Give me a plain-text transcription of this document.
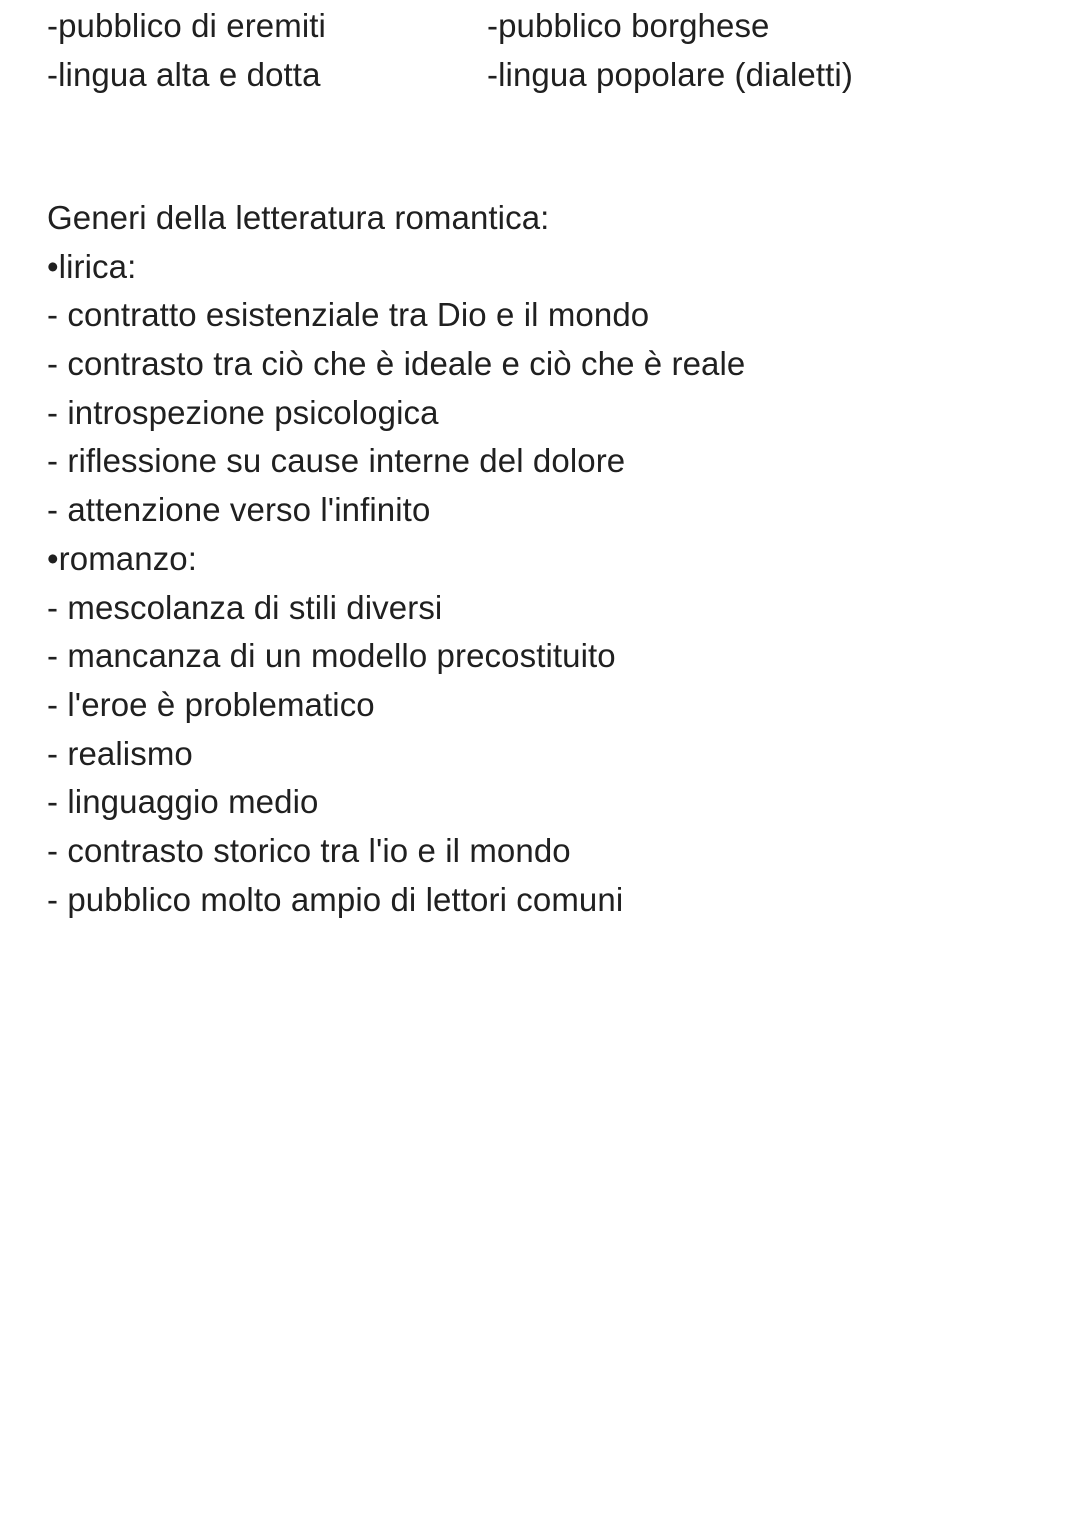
-pubblico di eremiti
-lingua alta e dotta
-pubblico borghese
-lingua popolare (dialetti)
Generi della letteratura romantica:
•lirica:
- contratto esistenziale tra Dio e il mondo
- contrasto tra ciò che è ideale e ciò che è reale
- introspezione psicologica
- riflessione su cause interne del dolore
- attenzione verso l'infinito
•romanzo:
- mescolanza di stili diversi
- mancanza di un modello precostituito
- l'eroe è problematico
- realismo
- linguaggio medio
- contrasto storico tra l'io e il mondo
- pubblico molto ampio di lettori comuni
